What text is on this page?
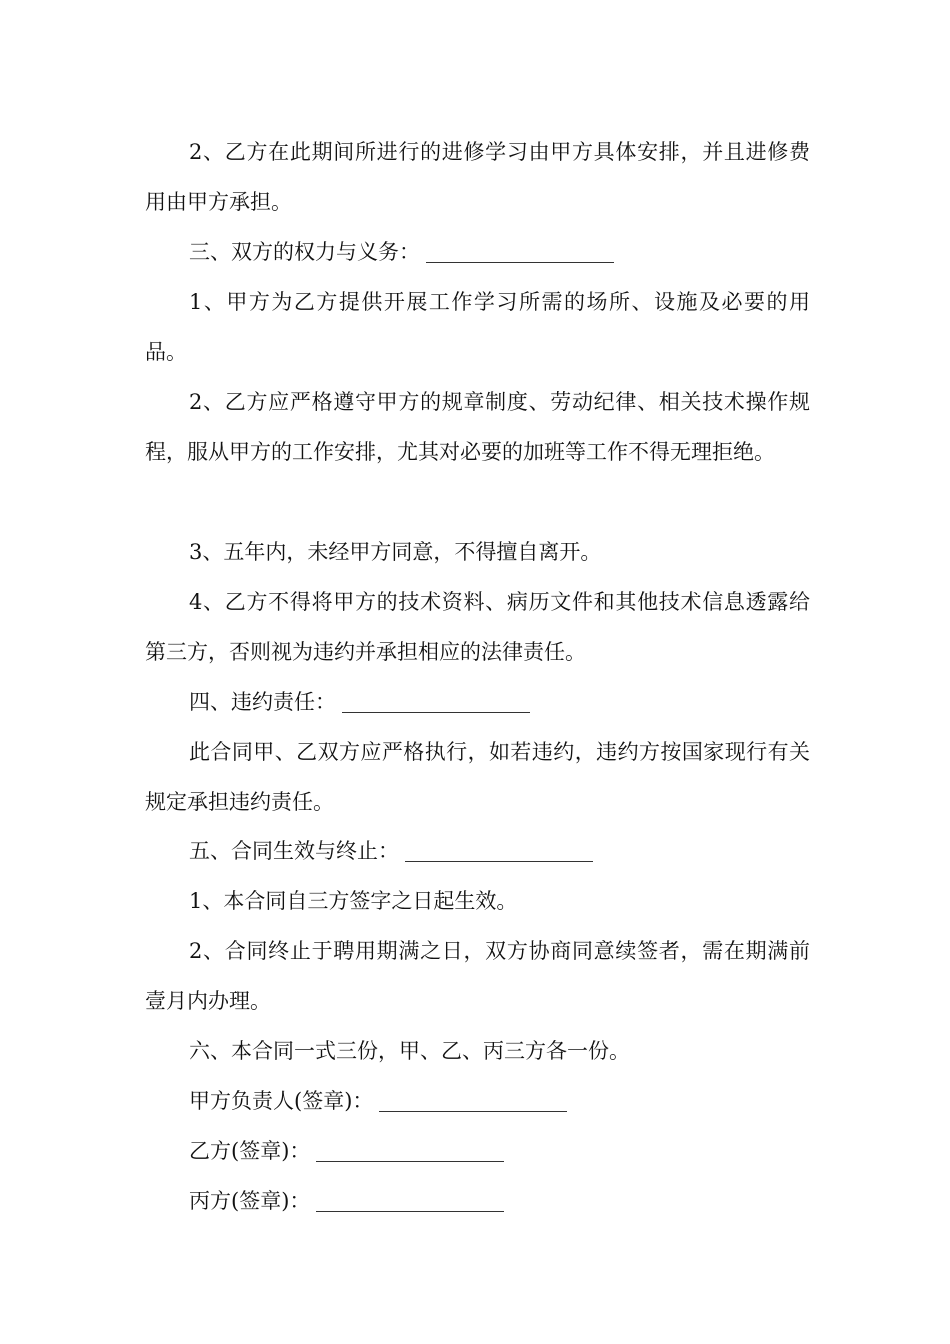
2、乙方在此期间所进行的进修学习由甲方具体安排，并且进修费用由甲方承担。

三、双方的权力与义务：

1、甲方为乙方提供开展工作学习所需的场所、设施及必要的用品。

2、乙方应严格遵守甲方的规章制度、劳动纪律、相关技术操作规程，服从甲方的工作安排，尤其对必要的加班等工作不得无理拒绝。

3、五年内，未经甲方同意，不得擅自离开。

4、乙方不得将甲方的技术资料、病历文件和其他技术信息透露给第三方，否则视为违约并承担相应的法律责任。

四、违约责任：

此合同甲、乙双方应严格执行，如若违约，违约方按国家现行有关规定承担违约责任。

五、合同生效与终止：

1、本合同自三方签字之日起生效。

2、合同终止于聘用期满之日，双方协商同意续签者，需在期满前壹月内办理。

六、本合同一式三份，甲、乙、丙三方各一份。

甲方负责人(签章)：

乙方(签章)：

丙方(签章)：
